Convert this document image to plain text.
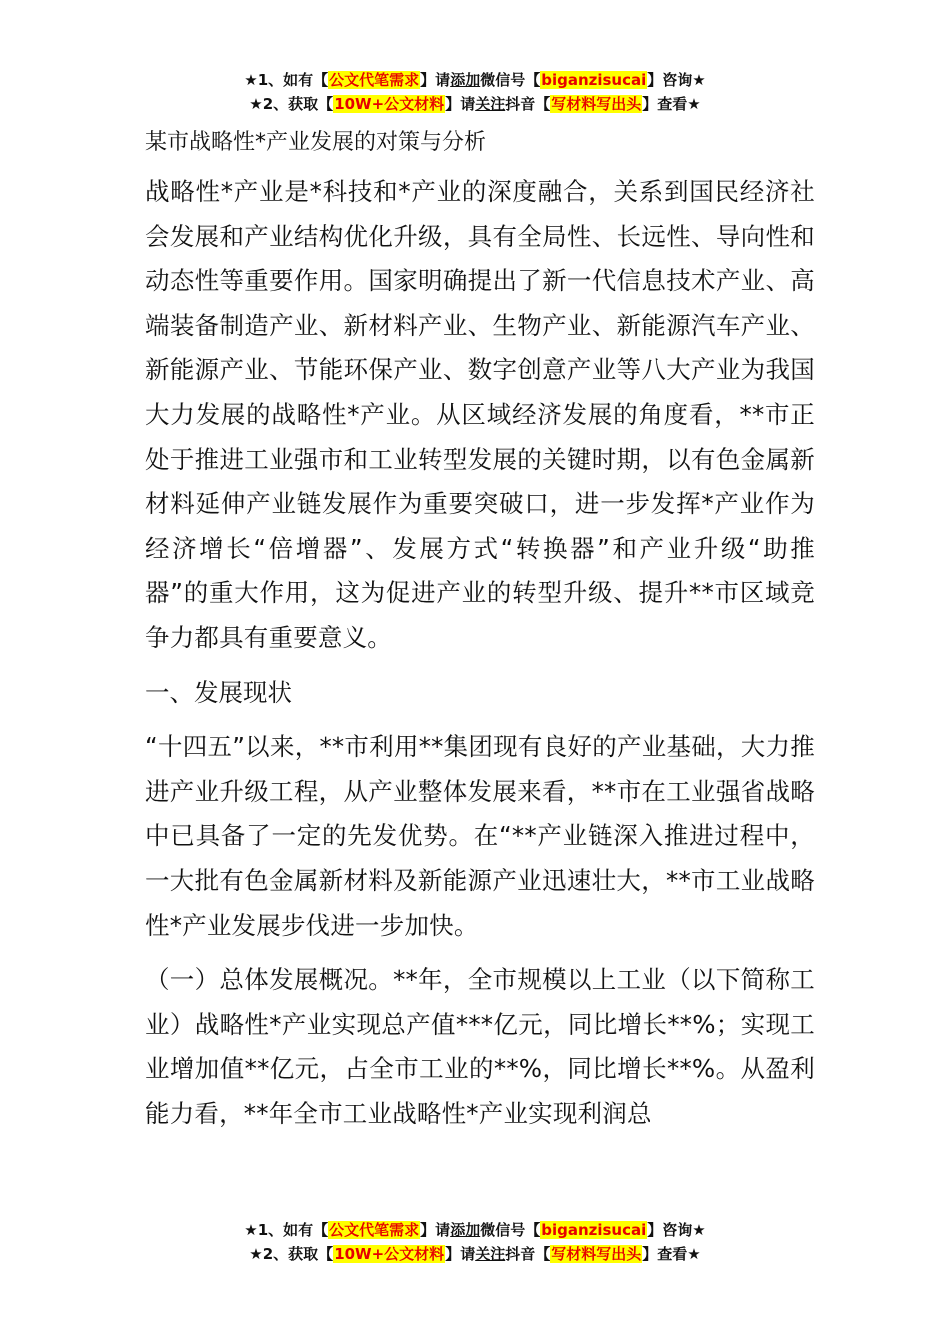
★1、如有【公文代笔需求】请添加微信号【biganzisucai】咨询★
★2、获取【10W+公文材料】请关注抖音【写材料写出头】查看★
某市战略性*产业发展的对策与分析

战略性*产业是*科技和*产业的深度融合，关系到国民经济社会发展和产业结构优化升级，具有全局性、长远性、导向性和动态性等重要作用。国家明确提出了新一代信息技术产业、高端装备制造产业、新材料产业、生物产业、新能源汽车产业、新能源产业、节能环保产业、数字创意产业等八大产业为我国大力发展的战略性*产业。从区域经济发展的角度看，**市正处于推进工业强市和工业转型发展的关键时期，以有色金属新材料延伸产业链发展作为重要突破口，进一步发挥*产业作为经济增长“倍增器”、发展方式“转换器”和产业升级“助推器”的重大作用，这为促进产业的转型升级、提升**市区域竞争力都具有重要意义。

一、发展现状

“十四五”以来，**市利用**集团现有良好的产业基础，大力推进产业升级工程，从产业整体发展来看，**市在工业强省战略中已具备了一定的先发优势。在“**产业链深入推进过程中，一大批有色金属新材料及新能源产业迅速壮大，**市工业战略性*产业发展步伐进一步加快。

（一）总体发展概况。**年，全市规模以上工业（以下简称工业）战略性*产业实现总产值***亿元，同比增长**%；实现工业增加值**亿元，占全市工业的**%，同比增长**%。从盈利能力看，**年全市工业战略性*产业实现利润总

★1、如有【公文代笔需求】请添加微信号【biganzisucai】咨询★
★2、获取【10W+公文材料】请关注抖音【写材料写出头】查看★
